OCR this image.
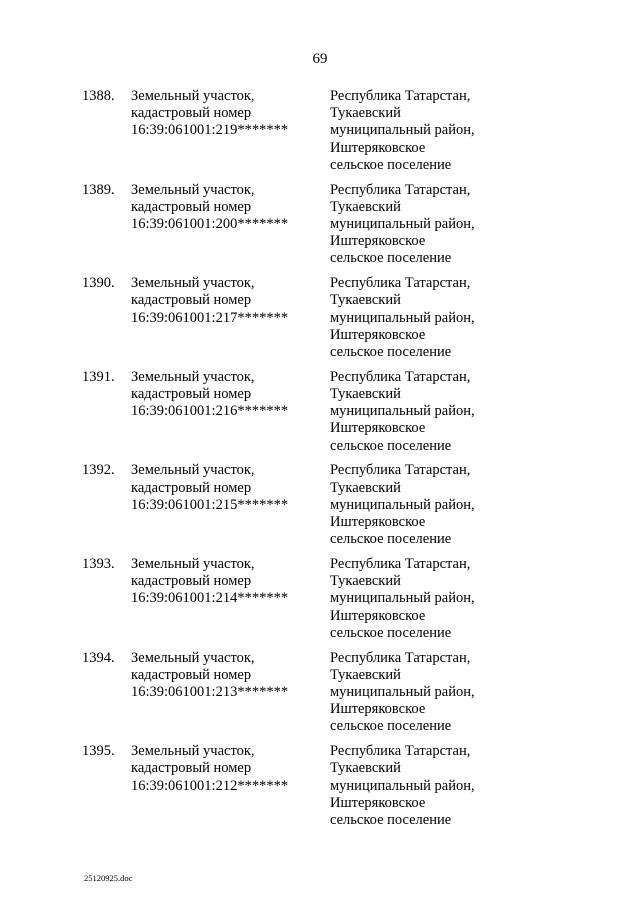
69
1388. Земельный участок,
кадастровый номер
16:39:061001:219*******
Республика Татарстан,
Тукаевский
муниципальный район,
Иштеряковское
сельское поселение
1389. Земельный участок,
кадастровый номер
16:39:061001:200*******
Республика Татарстан,
Тукаевский
муниципальный район,
Иштеряковское
сельское поселение
1390. Земельный участок,
кадастровый номер
16:39:061001:217*******
Республика Татарстан,
Тукаевский
муниципальный район,
Иштеряковское
сельское поселение
1391. Земельный участок,
кадастровый номер
16:39:061001:216*******
Республика Татарстан,
Тукаевский
муниципальный район,
Иштеряковское
сельское поселение
1392. Земельный участок,
кадастровый номер
16:39:061001:215*******
Республика Татарстан,
Тукаевский
муниципальный район,
Иштеряковское
сельское поселение
1393. Земельный участок,
кадастровый номер
16:39:061001:214*******
Республика Татарстан,
Тукаевский
муниципальный район,
Иштеряковское
сельское поселение
1394. Земельный участок,
кадастровый номер
16:39:061001:213*******
Республика Татарстан,
Тукаевский
муниципальный район,
Иштеряковское
сельское поселение
1395. Земельный участок,
кадастровый номер
16:39:061001:212*******
Республика Татарстан,
Тукаевский
муниципальный район,
Иштеряковское
сельское поселение
25120925.doc
